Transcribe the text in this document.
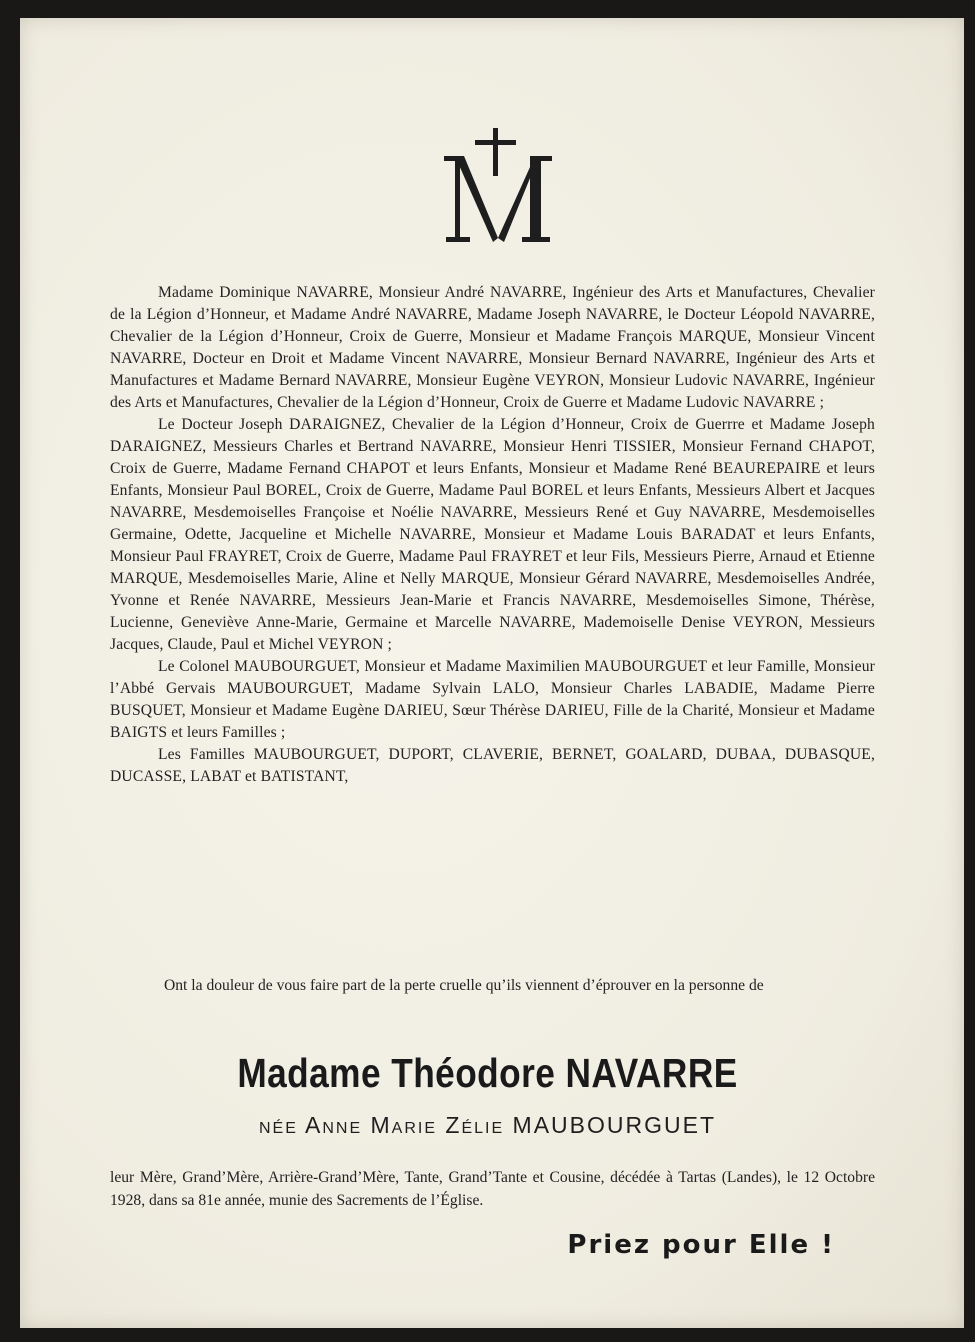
Madame Dominique NAVARRE, Monsieur André NAVARRE, Ingénieur des Arts et Manufactures, Chevalier de la Légion d’Honneur, et Madame André NAVARRE, Madame Joseph NAVARRE, le Docteur Léopold NAVARRE, Chevalier de la Légion d’Honneur, Croix de Guerre, Monsieur et Madame François MARQUE, Monsieur Vincent NAVARRE, Docteur en Droit et Madame Vincent NAVARRE, Monsieur Bernard NAVARRE, Ingénieur des Arts et Manufactures et Madame Bernard NAVARRE, Monsieur Eugène VEYRON, Monsieur Ludovic NAVARRE, Ingénieur des Arts et Manufactures, Chevalier de la Légion d’Honneur, Croix de Guerre et Madame Ludovic NAVARRE ;

Le Docteur Joseph DARAIGNEZ, Chevalier de la Légion d’Honneur, Croix de Guerrre et Madame Joseph DARAIGNEZ, Messieurs Charles et Bertrand NAVARRE, Monsieur Henri TISSIER, Monsieur Fernand CHAPOT, Croix de Guerre, Madame Fernand CHAPOT et leurs Enfants, Monsieur et Madame René BEAUREPAIRE et leurs Enfants, Monsieur Paul BOREL, Croix de Guerre, Madame Paul BOREL et leurs Enfants, Messieurs Albert et Jacques NAVARRE, Mesdemoiselles Françoise et Noélie NAVARRE, Messieurs René et Guy NAVARRE, Mesdemoiselles Germaine, Odette, Jacqueline et Michelle NAVARRE, Monsieur et Madame Louis BARADAT et leurs Enfants, Monsieur Paul FRAYRET, Croix de Guerre, Madame Paul FRAYRET et leur Fils, Messieurs Pierre, Arnaud et Etienne MARQUE, Mesdemoiselles Marie, Aline et Nelly MARQUE, Monsieur Gérard NAVARRE, Mesdemoiselles Andrée, Yvonne et Renée NAVARRE, Messieurs Jean-Marie et Francis NAVARRE, Mesdemoiselles Simone, Thérèse, Lucienne, Geneviève Anne-Marie, Germaine et Marcelle NAVARRE, Mademoiselle Denise VEYRON, Messieurs Jacques, Claude, Paul et Michel VEYRON ;

Le Colonel MAUBOURGUET, Monsieur et Madame Maximilien MAUBOURGUET et leur Famille, Monsieur l’Abbé Gervais MAUBOURGUET, Madame Sylvain LALO, Monsieur Charles LABADIE, Madame Pierre BUSQUET, Monsieur et Madame Eugène DARIEU, Sœur Thérèse DARIEU, Fille de la Charité, Monsieur et Madame BAIGTS et leurs Familles ;

Les Familles MAUBOURGUET, DUPORT, CLAVERIE, BERNET, GOALARD, DUBAA, DUBASQUE, DUCASSE, LABAT et BATISTANT,

Ont la douleur de vous faire part de la perte cruelle qu’ils viennent d’éprouver en la personne de

Madame Théodore NAVARRE
née Anne Marie Zélie MAUBOURGUET

leur Mère, Grand’Mère, Arrière-Grand’Mère, Tante, Grand’Tante et Cousine, décédée à Tartas (Landes), le 12 Octobre 1928, dans sa 81e année, munie des Sacrements de l’Église.

Priez pour Elle !
